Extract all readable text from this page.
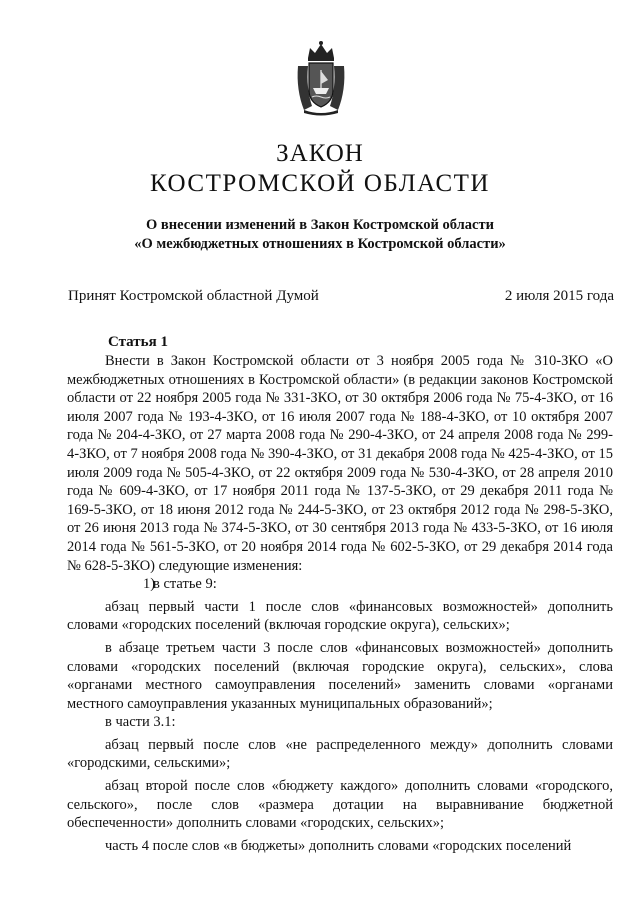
ЗАКОН
КОСТРОМСКОЙ ОБЛАСТИ
О внесении изменений в Закон Костромской области
«О межбюджетных отношениях в Костромской области»
Принят Костромской областной Думой	2 июля 2015 года
Статья 1

Внести в Закон Костромской области от 3 ноября 2005 года № 310-ЗКО «О межбюджетных отношениях в Костромской области» (в редакции законов Костромской области от 22 ноября 2005 года № 331-ЗКО, от 30 октября 2006 года № 75-4-ЗКО, от 16 июля 2007 года № 193-4-ЗКО, от 16 июля 2007 года № 188-4-ЗКО, от 10 октября 2007 года № 204-4-ЗКО, от 27 марта 2008 года № 290-4-ЗКО, от 24 апреля 2008 года № 299-4-ЗКО, от 7 ноября 2008 года № 390-4-ЗКО, от 31 декабря 2008 года № 425-4-ЗКО, от 15 июля 2009 года № 505-4-ЗКО, от 22 октября 2009 года № 530-4-ЗКО, от 28 апреля 2010 года № 609-4-ЗКО, от 17 ноября 2011 года № 137-5-ЗКО, от 29 декабря 2011 года № 169-5-ЗКО, от 18 июня 2012 года № 244-5-ЗКО, от 23 октября 2012 года № 298-5-ЗКО, от 26 июня 2013 года № 374-5-ЗКО, от 30 сентября 2013 года № 433-5-ЗКО, от 16 июля 2014 года № 561-5-ЗКО, от 20 ноября 2014 года № 602-5-ЗКО, от 29 декабря 2014 года № 628-5-ЗКО) следующие изменения:

1)в статье 9:

абзац первый части 1 после слов «финансовых возможностей» дополнить словами «городских поселений (включая городские округа), сельских»;

в абзаце третьем части 3 после слов «финансовых возможностей» дополнить словами «городских поселений (включая городские округа), сельских», слова «органами местного самоуправления поселений» заменить словами «органами местного самоуправления указанных муниципальных образований»;

в части 3.1:

абзац первый после слов «не распределенного между» дополнить словами «городскими, сельскими»;

абзац второй после слов «бюджету каждого» дополнить словами «городского, сельского», после слов «размера дотации на выравнивание бюджетной обеспеченности» дополнить словами «городских, сельских»;

часть 4 после слов «в бюджеты» дополнить словами «городских поселений
